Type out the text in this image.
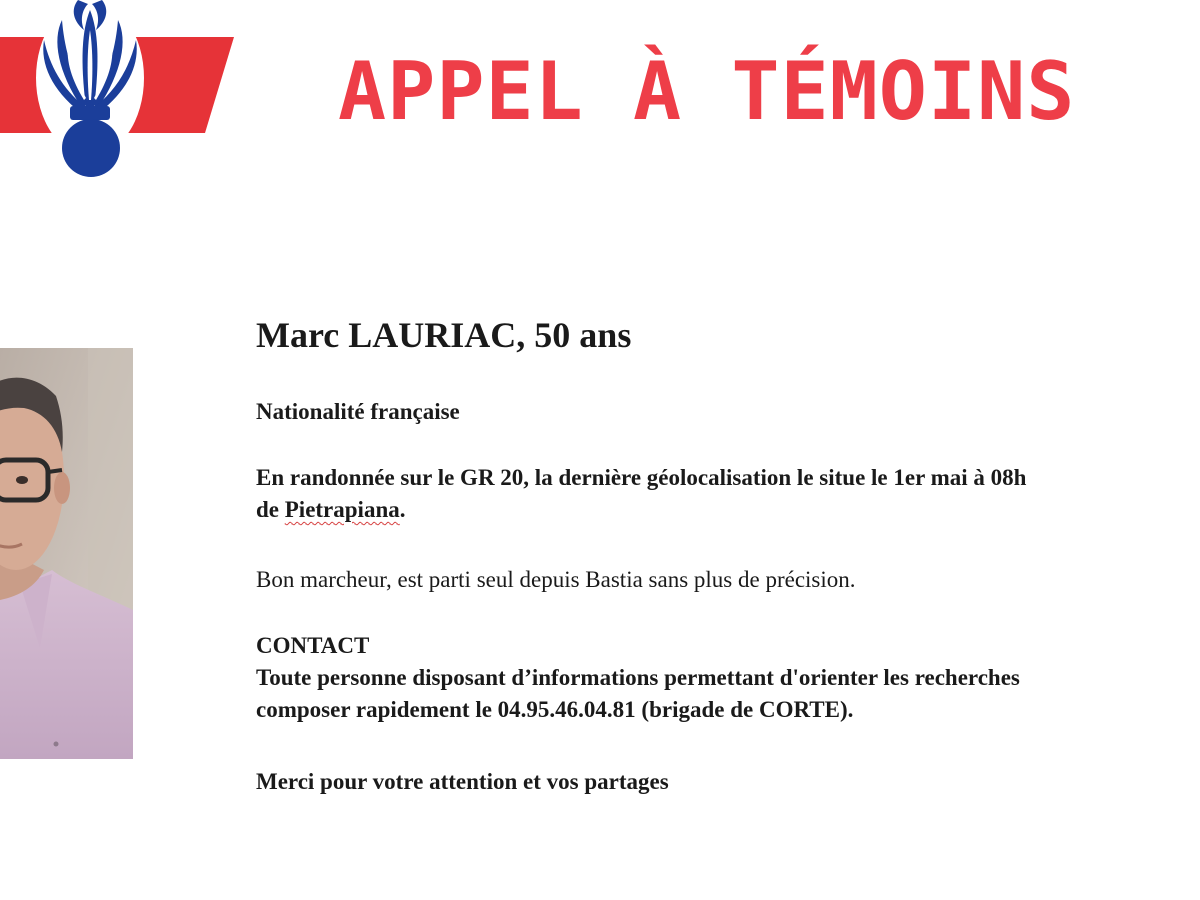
APPEL À TÉMOINS

Marc LAURIAC, 50 ans

Nationalité française

En randonnée sur le GR 20, la dernière géolocalisation le situe le 1er mai à 08h

de Pietrapiana.

Bon marcheur, est parti seul depuis Bastia sans plus de précision.

CONTACT

Toute personne disposant d’informations permettant d'orienter les recherches

composer rapidement le 04.95.46.04.81 (brigade de CORTE).

Merci pour votre attention et vos partages
